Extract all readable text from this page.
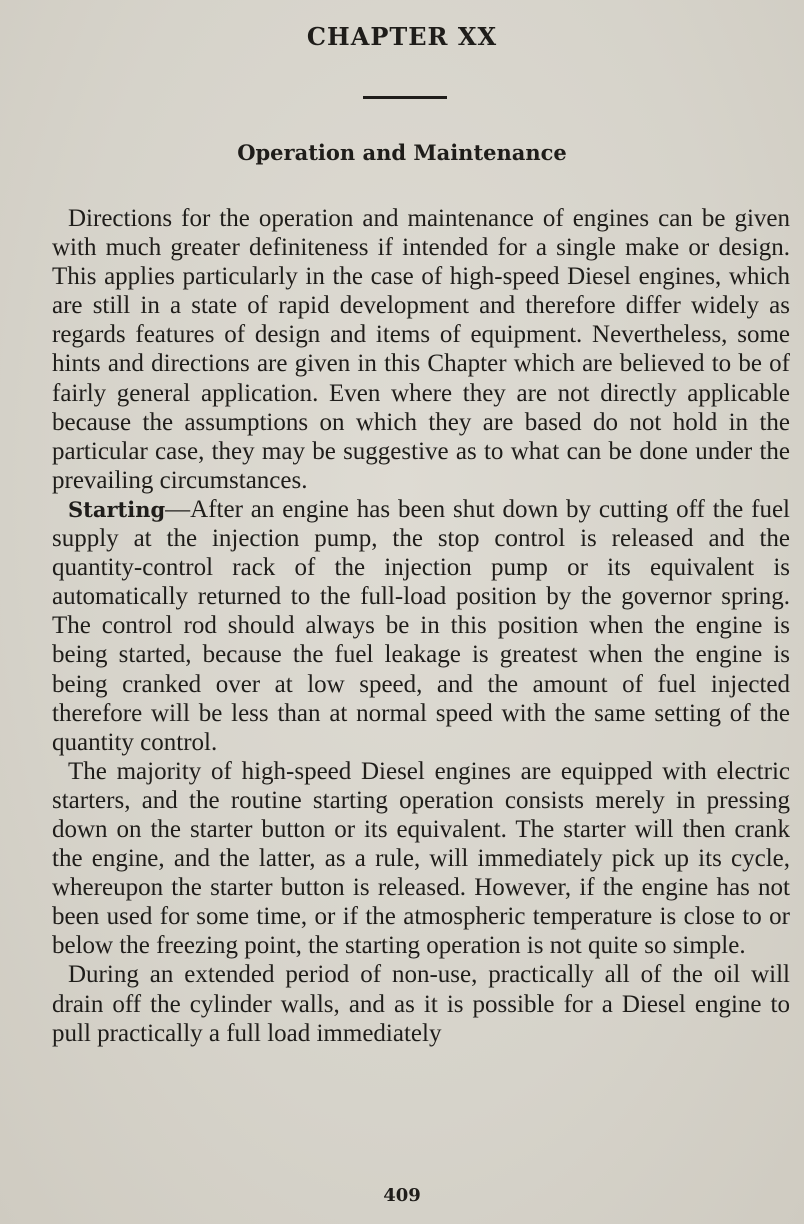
CHAPTER XX
Operation and Maintenance

Directions for the operation and maintenance of engines can be given with much greater definiteness if intended for a single make or design. This applies particularly in the case of high-speed Diesel engines, which are still in a state of rapid development and therefore differ widely as regards features of design and items of equipment. Nevertheless, some hints and directions are given in this Chapter which are believed to be of fairly general application. Even where they are not directly applicable because the assumptions on which they are based do not hold in the particular case, they may be suggestive as to what can be done under the prevailing circumstances.

Starting—After an engine has been shut down by cutting off the fuel supply at the injection pump, the stop control is released and the quantity-control rack of the injection pump or its equivalent is automatically returned to the full-load position by the governor spring. The control rod should always be in this position when the engine is being started, because the fuel leakage is greatest when the engine is being cranked over at low speed, and the amount of fuel injected therefore will be less than at normal speed with the same setting of the quantity control.

The majority of high-speed Diesel engines are equipped with electric starters, and the routine starting operation consists merely in pressing down on the starter button or its equivalent. The starter will then crank the engine, and the latter, as a rule, will immediately pick up its cycle, whereupon the starter button is released. However, if the engine has not been used for some time, or if the atmospheric temperature is close to or below the freezing point, the starting operation is not quite so simple.

During an extended period of non-use, practically all of the oil will drain off the cylinder walls, and as it is possible for a Diesel engine to pull practically a full load immediately

409
